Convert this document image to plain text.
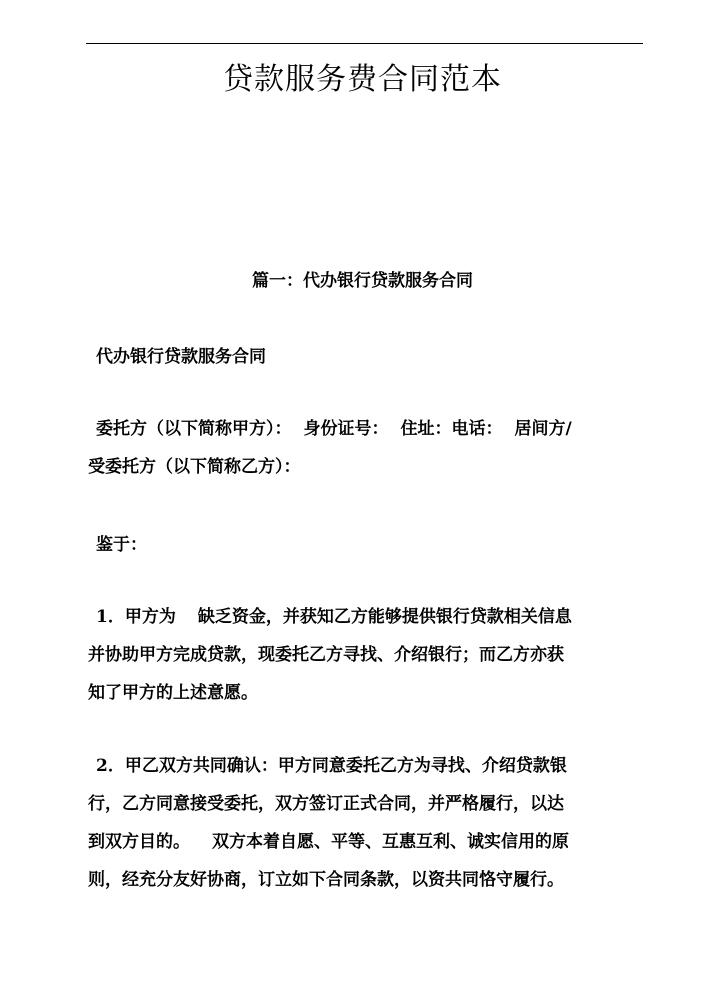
贷款服务费合同范本
篇一：代办银行贷款服务合同

代办银行贷款服务合同

委托方（以下简称甲方）： 身份证号： 住址：电话： 居间方/
受委托方（以下简称乙方）：

鉴于：

1．甲方为 缺乏资金，并获知乙方能够提供银行贷款相关信息
并协助甲方完成贷款，现委托乙方寻找、介绍银行；而乙方亦获
知了甲方的上述意愿。

2．甲乙双方共同确认：甲方同意委托乙方为寻找、介绍贷款银
行，乙方同意接受委托，双方签订正式合同，并严格履行，以达
到双方目的。 双方本着自愿、平等、互惠互利、诚实信用的原
则，经充分友好协商，订立如下合同条款，以资共同恪守履行。
